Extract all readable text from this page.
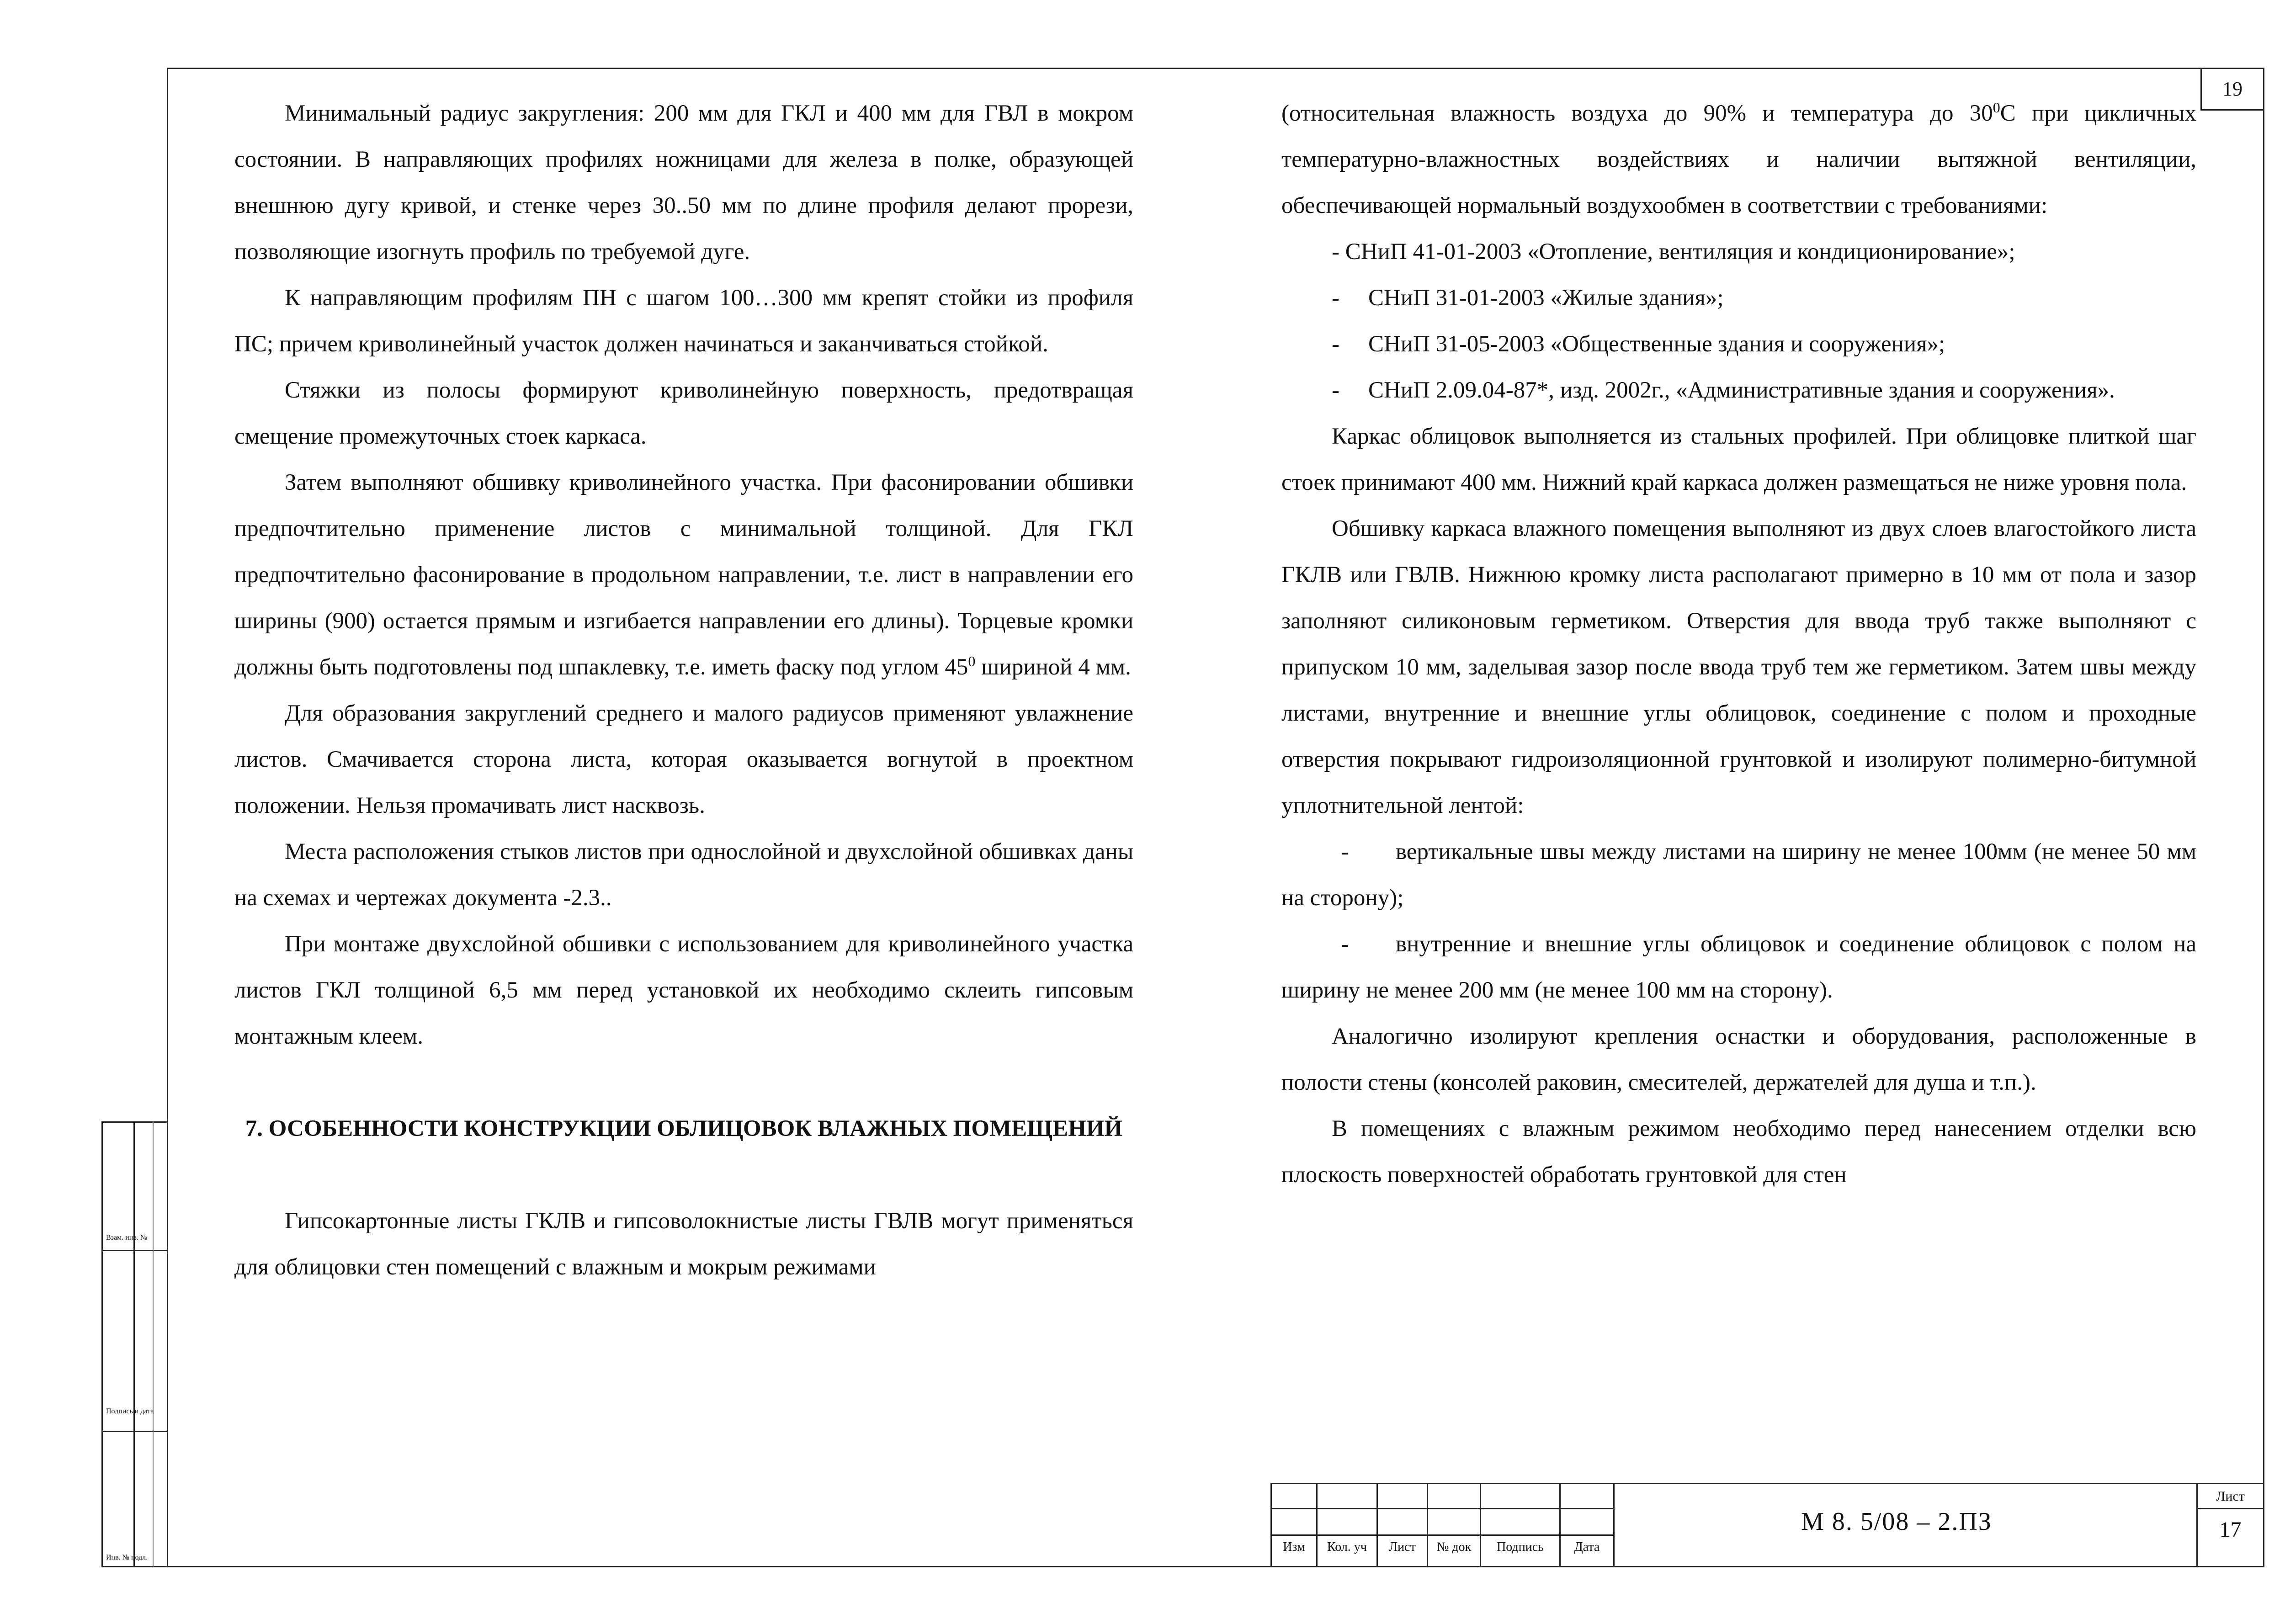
19

Минимальный радиус закругления: 200 мм для ГКЛ и 400 мм для ГВЛ в мокром состоянии. В направляющих профилях ножницами для железа в полке, образующей внешнюю дугу кривой, и стенке через 30..50 мм по длине профиля делают прорези, позволяющие изогнуть профиль по требуемой дуге.

К направляющим профилям ПН с шагом 100…300 мм крепят стойки из профиля ПС; причем криволинейный участок должен начинаться и заканчиваться стойкой.

Стяжки из полосы формируют криволинейную поверхность, предотвращая смещение промежуточных стоек каркаса.

Затем выполняют обшивку криволинейного участка. При фасонировании обшивки предпочтительно применение листов с минимальной толщиной. Для ГКЛ предпочтительно фасонирование в продольном направлении, т.е. лист в направлении его ширины (900) остается прямым и изгибается направлении его длины). Торцевые кромки должны быть подготовлены под шпаклевку, т.е. иметь фаску под углом $45^0$ шириной 4 мм.

Для образования закруглений среднего и малого радиусов применяют увлажнение листов. Смачивается сторона листа, которая оказывается вогнутой в проектном положении. Нельзя промачивать лист насквозь.

Места расположения стыков листов при однослойной и двухслойной обшивках даны на схемах и чертежах документа -2.3..

При монтаже двухслойной обшивки с использованием для криволинейного участка листов ГКЛ толщиной 6,5 мм перед установкой их необходимо склеить гипсовым монтажным клеем.

7. ОСОБЕННОСТИ КОНСТРУКЦИИ ОБЛИЦОВОК ВЛАЖНЫХ ПОМЕЩЕНИЙ

Гипсокартонные листы ГКЛВ и гипсоволокнистые листы ГВЛВ могут применяться для облицовки стен помещений с влажным и мокрым режимами

(относительная влажность воздуха до 90% и температура до $30^0С$ при цикличных температурно-влажностных воздействиях и наличии вытяжной вентиляции, обеспечивающей нормальный воздухообмен в соответствии с требованиями:

- СНиП 41-01-2003 «Отопление, вентиляция и кондиционирование»;

-	СНиП 31-01-2003 «Жилые здания»;
-	СНиП 31-05-2003 «Общественные здания и сооружения»;
-	СНиП 2.09.04-87*, изд. 2002г., «Административные здания и сооружения».

Каркас облицовок выполняется из стальных профилей. При облицовке плиткой шаг стоек принимают 400 мм. Нижний край каркаса должен размещаться не ниже уровня пола.

Обшивку каркаса влажного помещения выполняют из двух слоев влагостойкого листа ГКЛВ или ГВЛВ. Нижнюю кромку листа располагают примерно в 10 мм от пола и зазор заполняют силиконовым герметиком. Отверстия для ввода труб также выполняют с припуском 10 мм, заделывая зазор после ввода труб тем же герметиком. Затем швы между листами, внутренние и внешние углы облицовок, соединение с полом и проходные отверстия покрывают гидроизоляционной грунтовкой и изолируют полимерно-битумной уплотнительной лентой:

- вертикальные швы между листами на ширину не менее 100мм (не менее 50 мм на сторону);

- внутренние и внешние углы облицовок и соединение облицовок с полом на ширину не менее 200 мм (не менее 100 мм на сторону).

Аналогично изолируют крепления оснастки и оборудования, расположенные в полости стены (консолей раковин, смесителей, держателей для душа и т.п.).

В помещениях с влажным режимом необходимо перед нанесением отделки всю плоскость поверхностей обработать грунтовкой для стен

Взам. инв. №
Подпись и дата
Инв. № подл.
Изм	Кол. уч	Лист	№ док	Подпись	Дата
М 8. 5/08 – 2.ПЗ
Лист
17
